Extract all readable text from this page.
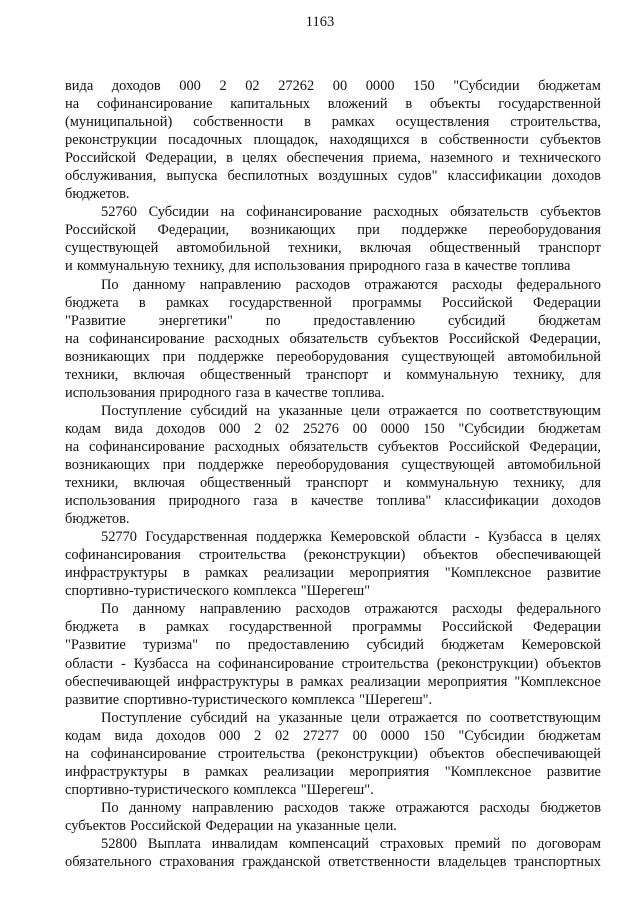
1163
вида доходов 000 2 02 27262 00 0000 150 "Субсидии бюджетам
на софинансирование капитальных вложений в объекты государственной
(муниципальной) собственности в рамках осуществления строительства,
реконструкции посадочных площадок, находящихся в собственности субъектов
Российской Федерации, в целях обеспечения приема, наземного и технического
обслуживания, выпуска беспилотных воздушных судов" классификации доходов
бюджетов.
52760 Субсидии на софинансирование расходных обязательств субъектов
Российской Федерации, возникающих при поддержке переоборудования
существующей автомобильной техники, включая общественный транспорт
и коммунальную технику, для использования природного газа в качестве топлива
По данному направлению расходов отражаются расходы федерального
бюджета в рамках государственной программы Российской Федерации
"Развитие энергетики" по предоставлению субсидий бюджетам
на софинансирование расходных обязательств субъектов Российской Федерации,
возникающих при поддержке переоборудования существующей автомобильной
техники, включая общественный транспорт и коммунальную технику, для
использования природного газа в качестве топлива.
Поступление субсидий на указанные цели отражается по соответствующим
кодам вида доходов 000 2 02 25276 00 0000 150 "Субсидии бюджетам
на софинансирование расходных обязательств субъектов Российской Федерации,
возникающих при поддержке переоборудования существующей автомобильной
техники, включая общественный транспорт и коммунальную технику, для
использования природного газа в качестве топлива" классификации доходов
бюджетов.
52770 Государственная поддержка Кемеровской области - Кузбасса в целях
софинансирования строительства (реконструкции) объектов обеспечивающей
инфраструктуры в рамках реализации мероприятия "Комплексное развитие
спортивно-туристического комплекса "Шерегеш"
По данному направлению расходов отражаются расходы федерального
бюджета в рамках государственной программы Российской Федерации
"Развитие туризма" по предоставлению субсидий бюджетам Кемеровской
области - Кузбасса на софинансирование строительства (реконструкции) объектов
обеспечивающей инфраструктуры в рамках реализации мероприятия "Комплексное
развитие спортивно-туристического комплекса "Шерегеш".
Поступление субсидий на указанные цели отражается по соответствующим
кодам вида доходов 000 2 02 27277 00 0000 150 "Субсидии бюджетам
на софинансирование строительства (реконструкции) объектов обеспечивающей
инфраструктуры в рамках реализации мероприятия "Комплексное развитие
спортивно-туристического комплекса "Шерегеш".
По данному направлению расходов также отражаются расходы бюджетов
субъектов Российской Федерации на указанные цели.
52800 Выплата инвалидам компенсаций страховых премий по договорам
обязательного страхования гражданской ответственности владельцев транспортных
